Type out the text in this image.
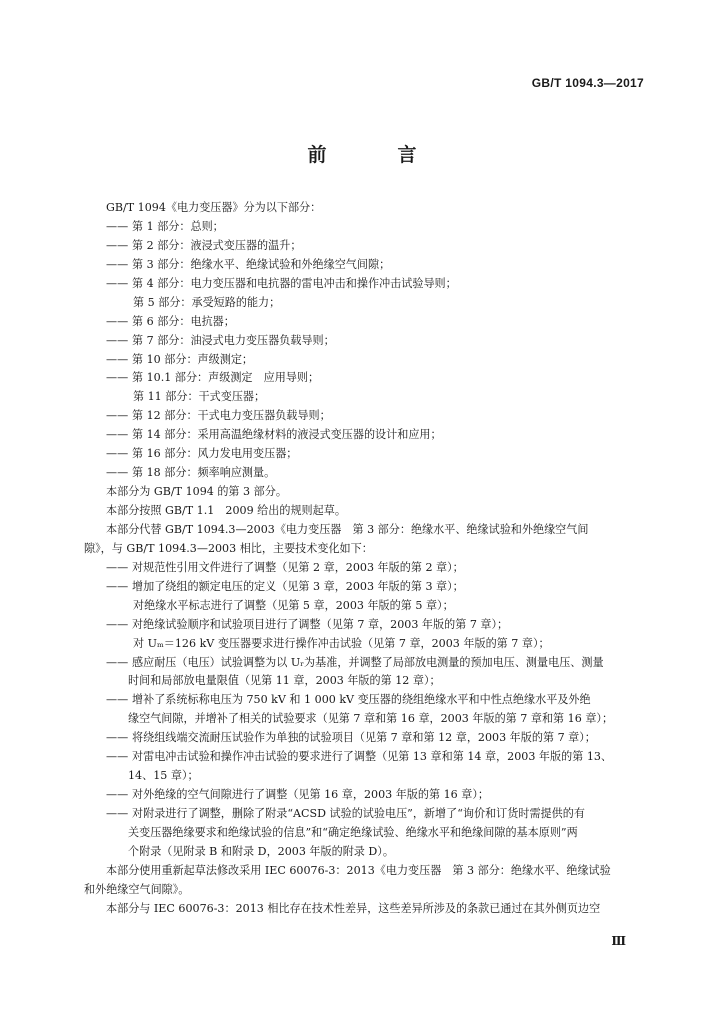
GB/T 1094.3—2017
前　言
GB/T 1094《电力变压器》分为以下部分：
—— 第 1 部分：总则；
—— 第 2 部分：液浸式变压器的温升；
—— 第 3 部分：绝缘水平、绝缘试验和外绝缘空气间隙；
—— 第 4 部分：电力变压器和电抗器的雷电冲击和操作冲击试验导则；
第 5 部分：承受短路的能力；
—— 第 6 部分：电抗器；
—— 第 7 部分：油浸式电力变压器负载导则；
—— 第 10 部分：声级测定；
—— 第 10.1 部分：声级测定　应用导则；
第 11 部分：干式变压器；
—— 第 12 部分：干式电力变压器负载导则；
—— 第 14 部分：采用高温绝缘材料的液浸式变压器的设计和应用；
—— 第 16 部分：风力发电用变压器；
—— 第 18 部分：频率响应测量。
本部分为 GB/T 1094 的第 3 部分。
本部分按照 GB/T 1.1　2009 给出的规则起草。
本部分代替 GB/T 1094.3—2003《电力变压器　第 3 部分：绝缘水平、绝缘试验和外绝缘空气间
隙》，与 GB/T 1094.3—2003 相比，主要技术变化如下：
—— 对规范性引用文件进行了调整（见第 2 章，2003 年版的第 2 章）；
—— 增加了绕组的额定电压的定义（见第 3 章，2003 年版的第 3 章）；
对绝缘水平标志进行了调整（见第 5 章，2003 年版的第 5 章）；
—— 对绝缘试验顺序和试验项目进行了调整（见第 7 章，2003 年版的第 7 章）；
对 Uₘ＝126 kV 变压器要求进行操作冲击试验（见第 7 章，2003 年版的第 7 章）；
—— 感应耐压（电压）试验调整为以 Uᵣ为基准，并调整了局部放电测量的预加电压、测量电压、测量
时间和局部放电量限值（见第 11 章，2003 年版的第 12 章）；
—— 增补了系统标称电压为 750 kV 和 1 000 kV 变压器的绕组绝缘水平和中性点绝缘水平及外绝
缘空气间隙，并增补了相关的试验要求（见第 7 章和第 16 章，2003 年版的第 7 章和第 16 章）；
—— 将绕组线端交流耐压试验作为单独的试验项目（见第 7 章和第 12 章，2003 年版的第 7 章）；
—— 对雷电冲击试验和操作冲击试验的要求进行了调整（见第 13 章和第 14 章，2003 年版的第 13、
14、15 章）；
—— 对外绝缘的空气间隙进行了调整（见第 16 章，2003 年版的第 16 章）；
—— 对附录进行了调整，删除了附录“ACSD 试验的试验电压”，新增了“询价和订货时需提供的有
关变压器绝缘要求和绝缘试验的信息”和“确定绝缘试验、绝缘水平和绝缘间隙的基本原则”两
个附录（见附录 B 和附录 D，2003 年版的附录 D）。
本部分使用重新起草法修改采用 IEC 60076-3：2013《电力变压器　第 3 部分：绝缘水平、绝缘试验
和外绝缘空气间隙》。
本部分与 IEC 60076-3：2013 相比存在技术性差异，这些差异所涉及的条款已通过在其外侧页边空
Ⅲ
